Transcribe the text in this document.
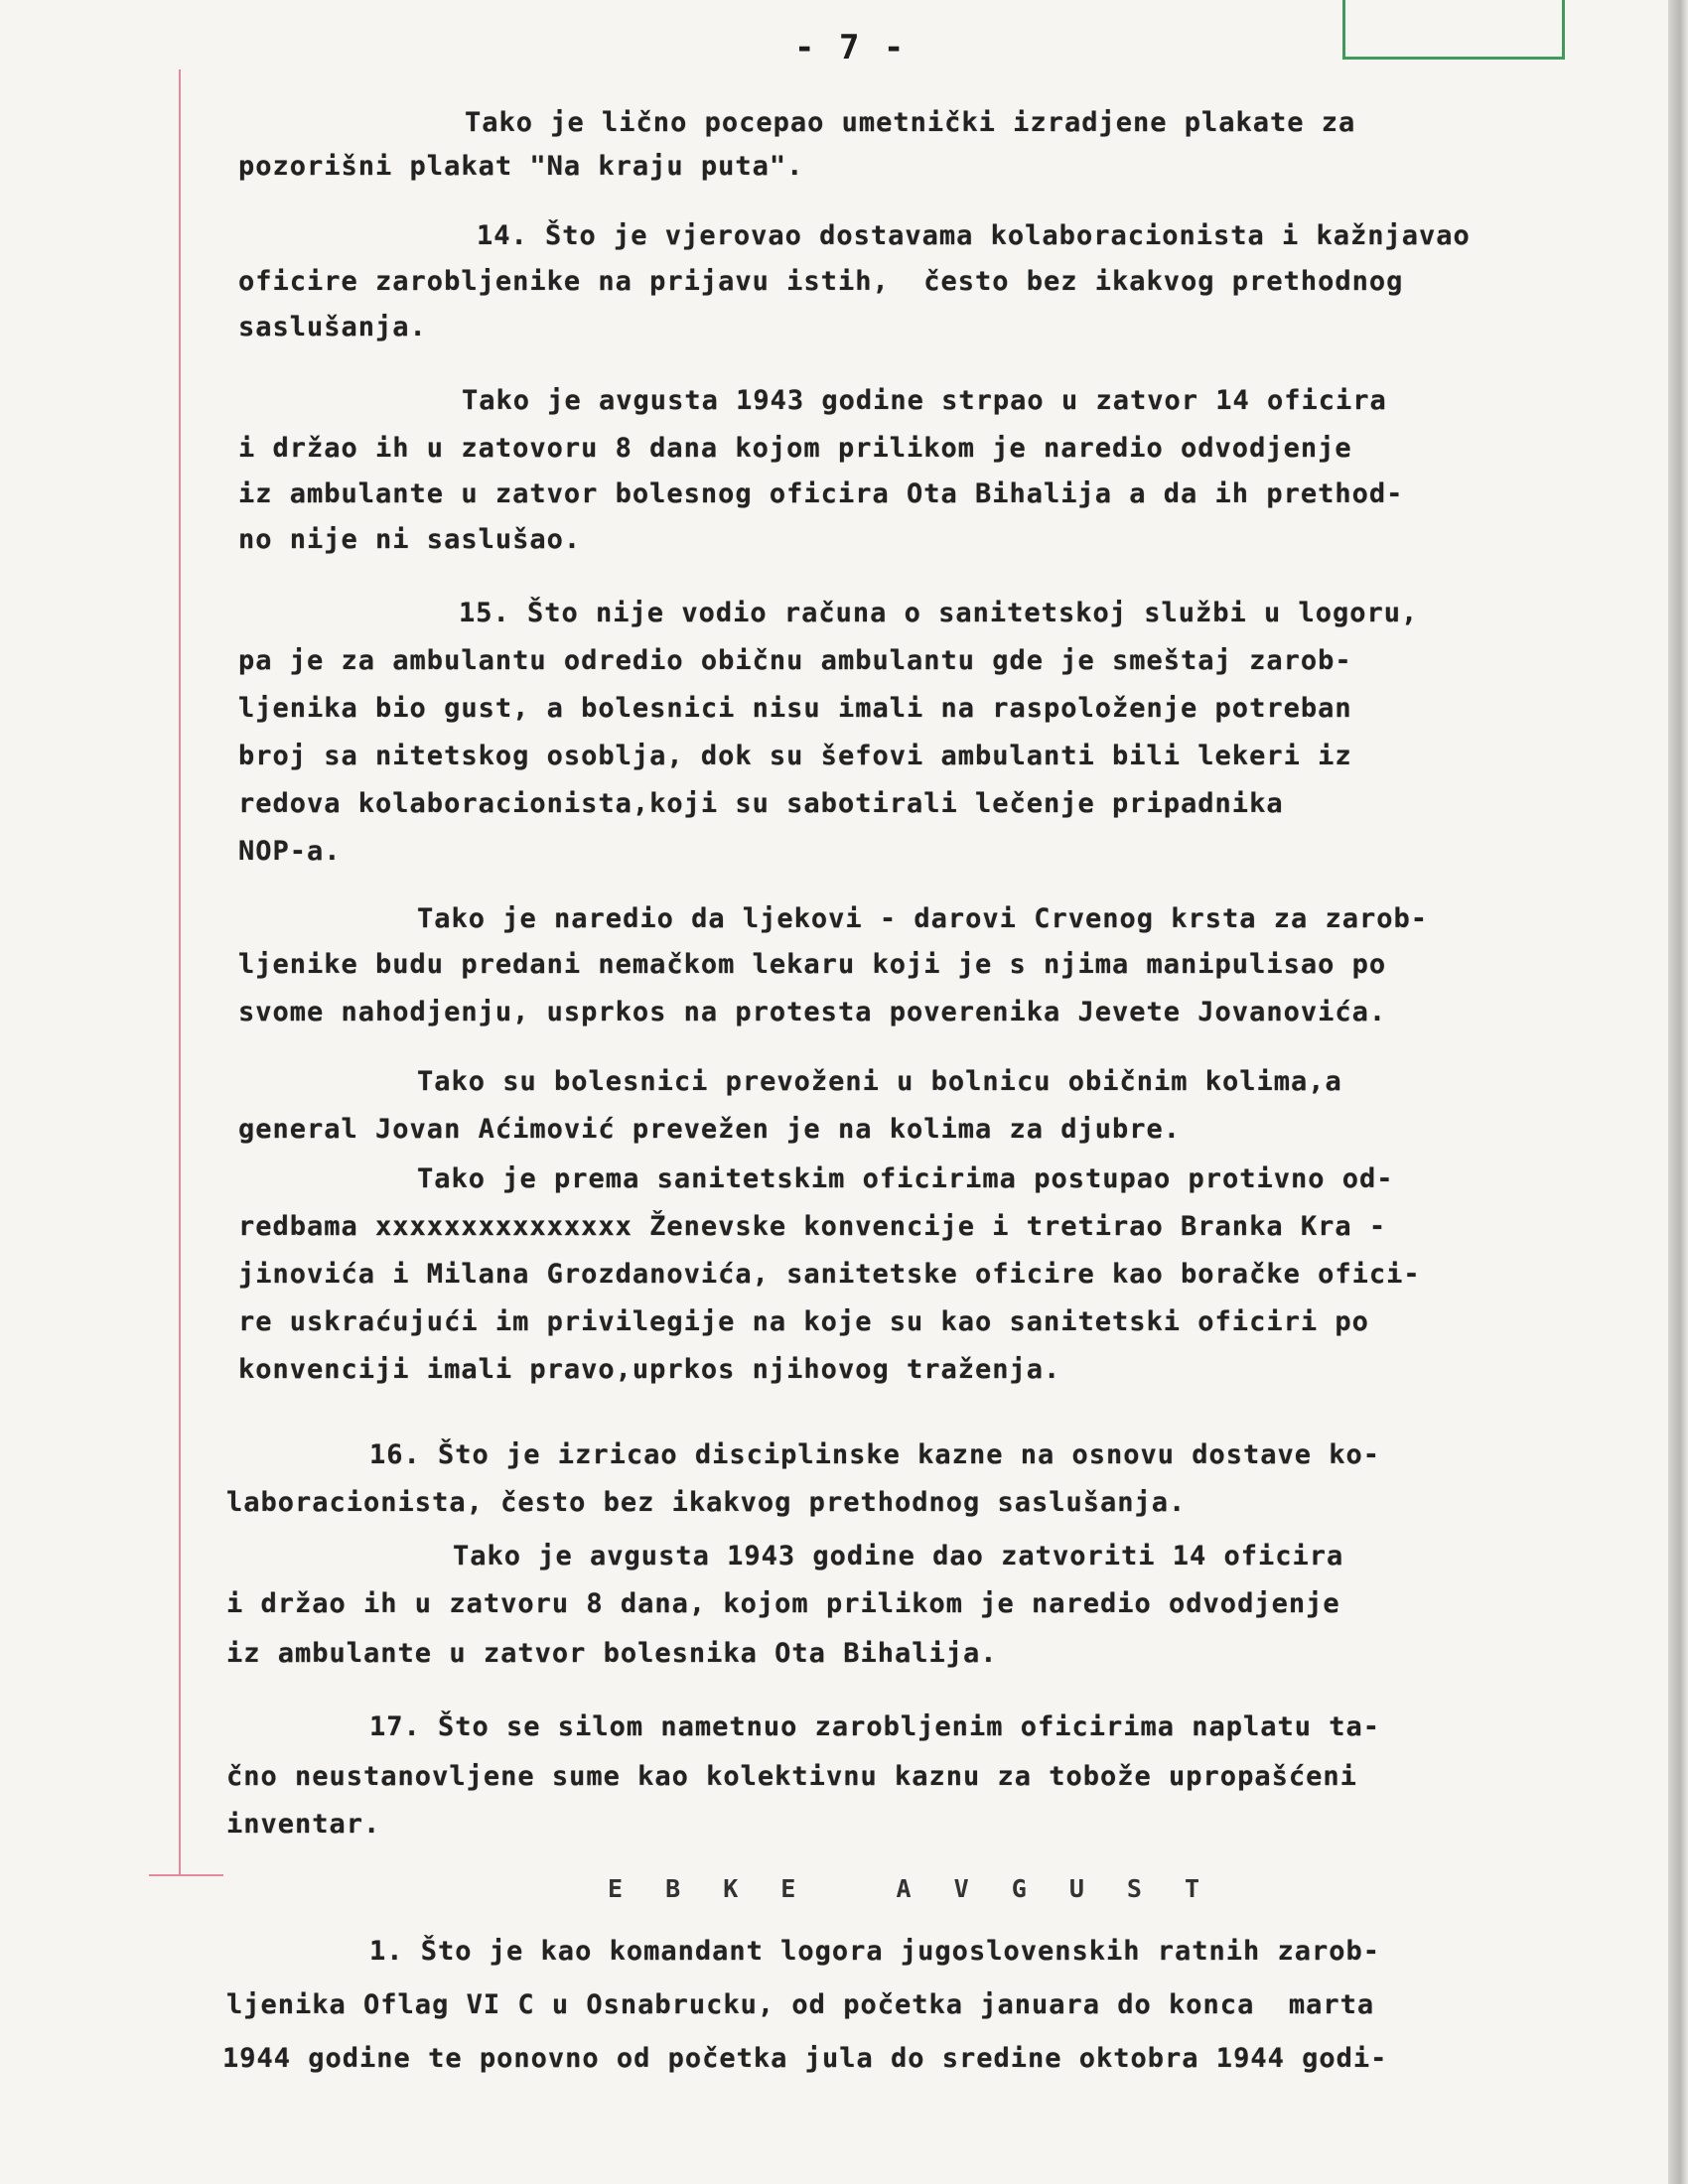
- 7 -
Tako je lično pocepao umetnički izradjene plakate za
pozorišni plakat "Na kraju puta".
14. Što je vjerovao dostavama kolaboracionista i kažnjavao
oficire zarobljenike na prijavu istih,  često bez ikakvog prethodnog
saslušanja.
Tako je avgusta 1943 godine strpao u zatvor 14 oficira
i držao ih u zatovoru 8 dana kojom prilikom je naredio odvodjenje
iz ambulante u zatvor bolesnog oficira Ota Bihalija a da ih prethod-
no nije ni saslušao.
15. Što nije vodio računa o sanitetskoj službi u logoru,
pa je za ambulantu odredio običnu ambulantu gde je smeštaj zarob-
ljenika bio gust, a bolesnici nisu imali na raspoloženje potreban
broj sa nitetskog osoblja, dok su šefovi ambulanti bili lekeri iz
redova kolaboracionista,koji su sabotirali lečenje pripadnika
NOP-a.
Tako je naredio da ljekovi - darovi Crvenog krsta za zarob-
ljenike budu predani nemačkom lekaru koji je s njima manipulisao po
svome nahodjenju, usprkos na protesta poverenika Jevete Jovanovića.
Tako su bolesnici prevoženi u bolnicu običnim kolima,a
general Jovan Aćimović prevežen je na kolima za djubre.
Tako je prema sanitetskim oficirima postupao protivno od-
redbama xxxxxxxxxxxxxxx Ženevske konvencije i tretirao Branka Kra -
jinovića i Milana Grozdanovića, sanitetske oficire kao boračke ofici-
re uskraćujući im privilegije na koje su kao sanitetski oficiri po
konvenciji imali pravo,uprkos njihovog traženja.
16. Što je izricao disciplinske kazne na osnovu dostave ko-
laboracionista, često bez ikakvog prethodnog saslušanja.
Tako je avgusta 1943 godine dao zatvoriti 14 oficira
i držao ih u zatvoru 8 dana, kojom prilikom je naredio odvodjenje
iz ambulante u zatvor bolesnika Ota Bihalija.
17. Što se silom nametnuo zarobljenim oficirima naplatu ta-
čno neustanovljene sume kao kolektivnu kaznu za tobože upropašćeni
inventar.
E B K E   A V G U S T
1. Što je kao komandant logora jugoslovenskih ratnih zarob-
ljenika Oflag VI C u Osnabrucku, od početka januara do konca  marta
1944 godine te ponovno od početka jula do sredine oktobra 1944 godi-
